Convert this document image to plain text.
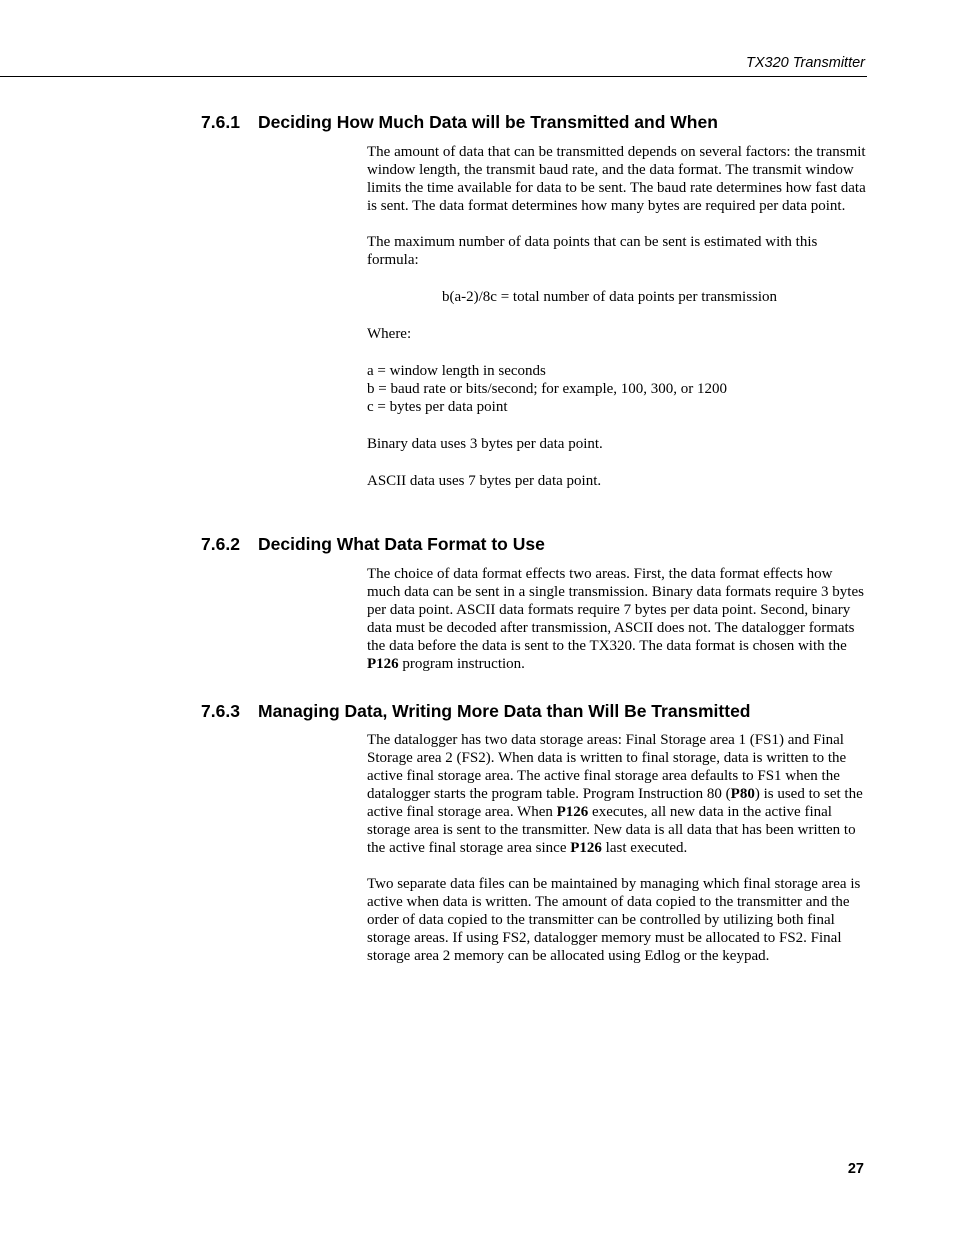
TX320 Transmitter
7.6.1 Deciding How Much Data will be Transmitted and When

The amount of data that can be transmitted depends on several factors: the transmit window length, the transmit baud rate, and the data format. The transmit window limits the time available for data to be sent. The baud rate determines how fast data is sent. The data format determines how many bytes are required per data point.

The maximum number of data points that can be sent is estimated with this formula:

b(a-2)/8c = total number of data points per transmission

Where:

a = window length in seconds

b = baud rate or bits/second; for example, 100, 300, or 1200

c = bytes per data point

Binary data uses 3 bytes per data point.

ASCII data uses 7 bytes per data point.

7.6.2 Deciding What Data Format to Use

The choice of data format effects two areas. First, the data format effects how much data can be sent in a single transmission. Binary data formats require 3 bytes per data point. ASCII data formats require 7 bytes per data point. Second, binary data must be decoded after transmission, ASCII does not. The datalogger formats the data before the data is sent to the TX320. The data format is chosen with the P126 program instruction.

7.6.3 Managing Data, Writing More Data than Will Be Transmitted

The datalogger has two data storage areas: Final Storage area 1 (FS1) and Final Storage area 2 (FS2). When data is written to final storage, data is written to the active final storage area. The active final storage area defaults to FS1 when the datalogger starts the program table. Program Instruction 80 (P80) is used to set the active final storage area. When P126 executes, all new data in the active final storage area is sent to the transmitter. New data is all data that has been written to the active final storage area since P126 last executed.

Two separate data files can be maintained by managing which final storage area is active when data is written. The amount of data copied to the transmitter and the order of data copied to the transmitter can be controlled by utilizing both final storage areas. If using FS2, datalogger memory must be allocated to FS2. Final storage area 2 memory can be allocated using Edlog or the keypad.

27
